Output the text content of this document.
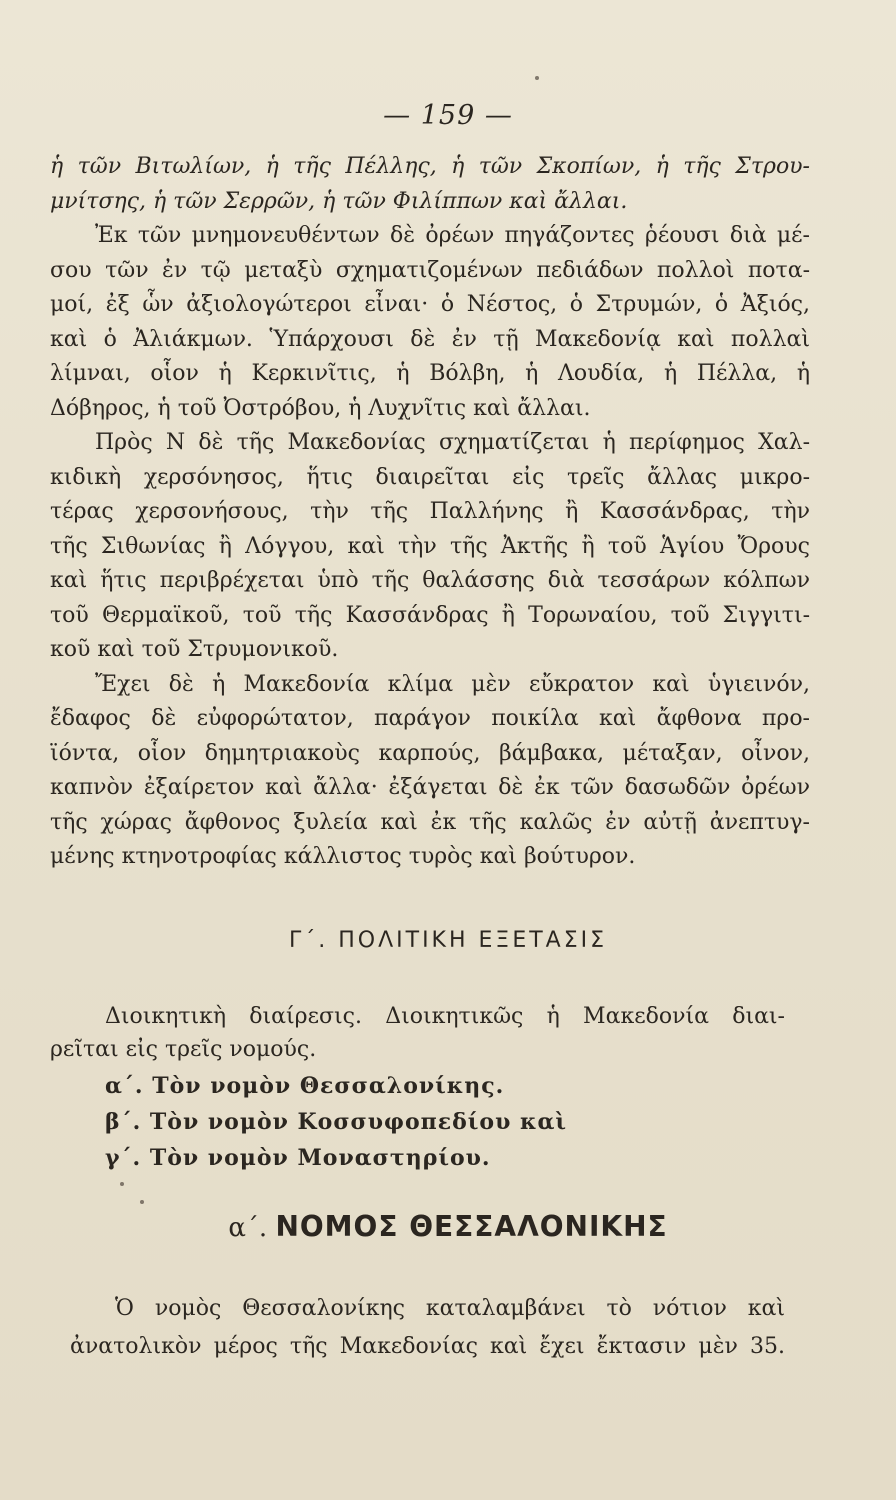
— 159 —
ἡ τῶν Βιτωλίων, ἡ τῆς Πέλλης, ἡ τῶν Σκοπίων, ἡ τῆς Στρου-
μνίτσης, ἡ τῶν Σερρῶν, ἡ τῶν Φιλίππων καὶ ἄλλαι.
Ἐκ τῶν μνημονευθέντων δὲ ὀρέων πηγάζοντες ῥέουσι διὰ μέ-
σου τῶν ἐν τῷ μεταξὺ σχηματιζομένων πεδιάδων πολλοὶ ποτα-
μοί, ἐξ ὧν ἀξιολογώτεροι εἶναι· ὁ Νέστος, ὁ Στρυμών, ὁ Ἀξιός,
καὶ ὁ Ἀλιάκμων. Ὑπάρχουσι δὲ ἐν τῇ Μακεδονίᾳ καὶ πολλαὶ
λίμναι, οἷον ἡ Κερκινῖτις, ἡ Βόλβη, ἡ Λουδία, ἡ Πέλλα, ἡ
Δόβηρος, ἡ τοῦ Ὀστρόβου, ἡ Λυχνῖτις καὶ ἄλλαι.
Πρὸς Ν δὲ τῆς Μακεδονίας σχηματίζεται ἡ περίφημος Χαλ-
κιδικὴ χερσόνησος, ἥτις διαιρεῖται εἰς τρεῖς ἄλλας μικρο-
τέρας χερσονήσους, τὴν τῆς Παλλήνης ἢ Κασσάνδρας, τὴν
τῆς Σιθωνίας ἢ Λόγγου, καὶ τὴν τῆς Ἀκτῆς ἢ τοῦ Ἁγίου Ὄρους
καὶ ἥτις περιβρέχεται ὑπὸ τῆς θαλάσσης διὰ τεσσάρων κόλπων
τοῦ Θερμαϊκοῦ, τοῦ τῆς Κασσάνδρας ἢ Τορωναίου, τοῦ Σιγγιτι-
κοῦ καὶ τοῦ Στρυμονικοῦ.
Ἔχει δὲ ἡ Μακεδονία κλίμα μὲν εὔκρατον καὶ ὑγιεινόν,
ἔδαφος δὲ εὐφορώτατον, παράγον ποικίλα καὶ ἄφθονα προ-
ϊόντα, οἷον δημητριακοὺς καρπούς, βάμβακα, μέταξαν, οἶνον,
καπνὸν ἐξαίρετον καὶ ἄλλα· ἐξάγεται δὲ ἐκ τῶν δασωδῶν ὀρέων
τῆς χώρας ἄφθονος ξυλεία καὶ ἐκ τῆς καλῶς ἐν αὐτῇ ἀνεπτυγ-
μένης κτηνοτροφίας κάλλιστος τυρὸς καὶ βούτυρον.
Γ΄. ΠΟΛΙΤΙΚΗ ΕΞΕΤΑΣΙΣ
Διοικητικὴ διαίρεσις. Διοικητικῶς ἡ Μακεδονία διαι-
ρεῖται εἰς τρεῖς νομούς.
α΄. Τὸν νομὸν Θεσσαλονίκης.
β΄. Τὸν νομὸν Κοσσυφοπεδίου καὶ
γ΄. Τὸν νομὸν Μοναστηρίου.
α΄. ΝΟΜΟΣ ΘΕΣΣΑΛΟΝΙΚΗΣ
Ὁ νομὸς Θεσσαλονίκης καταλαμβάνει τὸ νότιον καὶ
ἀνατολικὸν μέρος τῆς Μακεδονίας καὶ ἔχει ἔκτασιν μὲν 35.
